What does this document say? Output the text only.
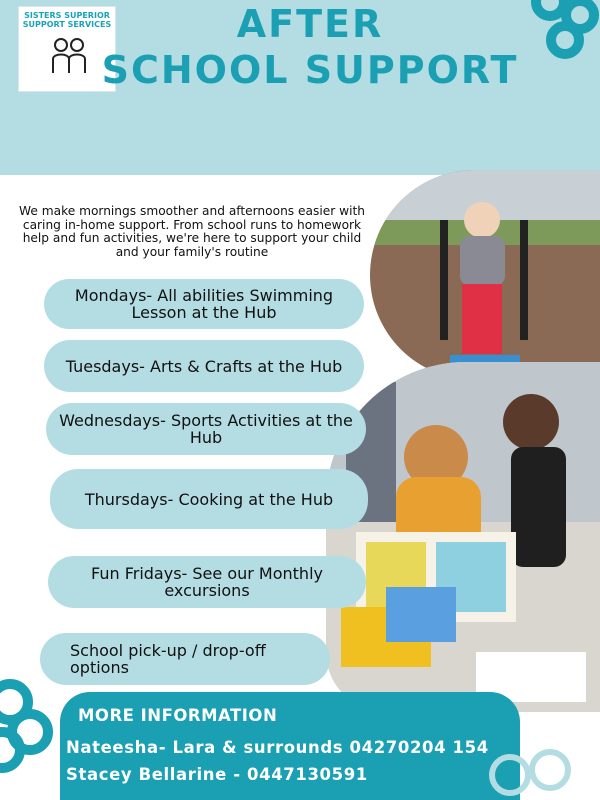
SISTERS SUPERIOR SUPPORT SERVICES	AFTER
SCHOOL SUPPORT
We make mornings smoother and afternoons easier with caring in-home support. From school runs to homework help and fun activities, we're here to support your child and your family's routine
Mondays- All abilities Swimming Lesson at the Hub
Tuesdays- Arts & Crafts at the Hub
Wednesdays- Sports Activities at the Hub
Thursdays- Cooking at the Hub
Fun Fridays- See our Monthly excursions
School pick-up / drop-off options
MORE INFORMATION
Nateesha- Lara & surrounds 04270204 154
Stacey Bellarine - 0447130591
